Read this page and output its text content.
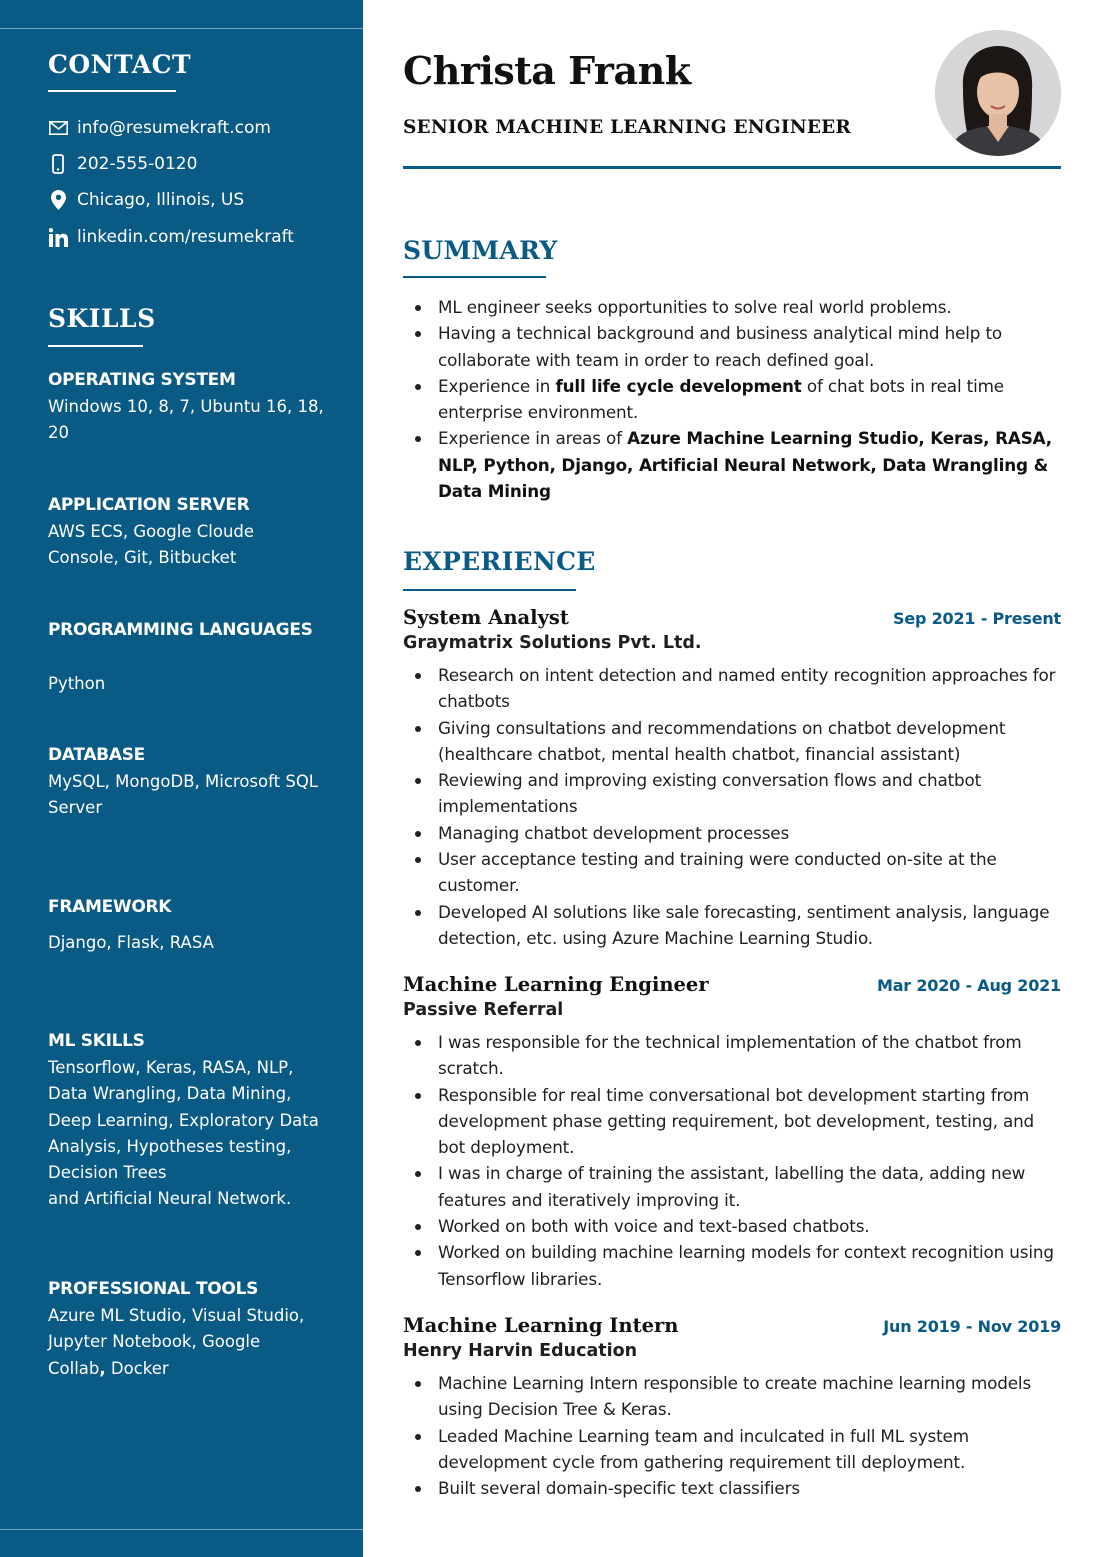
CONTACT
info@resumekraft.com
202-555-0120
Chicago, Illinois, US
linkedin.com/resumekraft
SKILLS
OPERATING SYSTEM
Windows 10, 8, 7, Ubuntu 16, 18, 20
APPLICATION SERVER
AWS ECS, Google Cloude
Console, Git, Bitbucket
PROGRAMMING LANGUAGES
Python
DATABASE
MySQL, MongoDB, Microsoft SQL
Server
FRAMEWORK
Django, Flask, RASA
ML SKILLS
Tensorflow, Keras, RASA, NLP,
Data Wrangling, Data Mining,
Deep Learning, Exploratory Data
Analysis, Hypotheses testing,
Decision Trees
and Artificial Neural Network.
PROFESSIONAL TOOLS
Azure ML Studio, Visual Studio,
Jupyter Notebook, Google
Collab, Docker
Christa Frank
SENIOR MACHINE LEARNING ENGINEER
SUMMARY
ML engineer seeks opportunities to solve real world problems.
Having a technical background and business analytical mind help to collaborate with team in order to reach defined goal.
Experience in full life cycle development of chat bots in real time enterprise environment.
Experience in areas of Azure Machine Learning Studio, Keras, RASA, NLP, Python, Django, Artificial Neural Network, Data Wrangling & Data Mining
EXPERIENCE
System Analyst	Sep 2021 - Present
Graymatrix Solutions Pvt. Ltd.
Research on intent detection and named entity recognition approaches for chatbots
Giving consultations and recommendations on chatbot development (healthcare chatbot, mental health chatbot, financial assistant)
Reviewing and improving existing conversation flows and chatbot implementations
Managing chatbot development processes
User acceptance testing and training were conducted on-site at the customer.
Developed AI solutions like sale forecasting, sentiment analysis, language detection, etc. using Azure Machine Learning Studio.
Machine Learning Engineer	Mar 2020 - Aug 2021
Passive Referral
I was responsible for the technical implementation of the chatbot from scratch.
Responsible for real time conversational bot development starting from development phase getting requirement, bot development, testing, and bot deployment.
I was in charge of training the assistant, labelling the data, adding new features and iteratively improving it.
Worked on both with voice and text-based chatbots.
Worked on building machine learning models for context recognition using Tensorflow libraries.
Machine Learning Intern	Jun 2019 - Nov 2019
Henry Harvin Education
Machine Learning Intern responsible to create machine learning models using Decision Tree & Keras.
Leaded Machine Learning team and inculcated in full ML system development cycle from gathering requirement till deployment.
Built several domain-specific text classifiers
